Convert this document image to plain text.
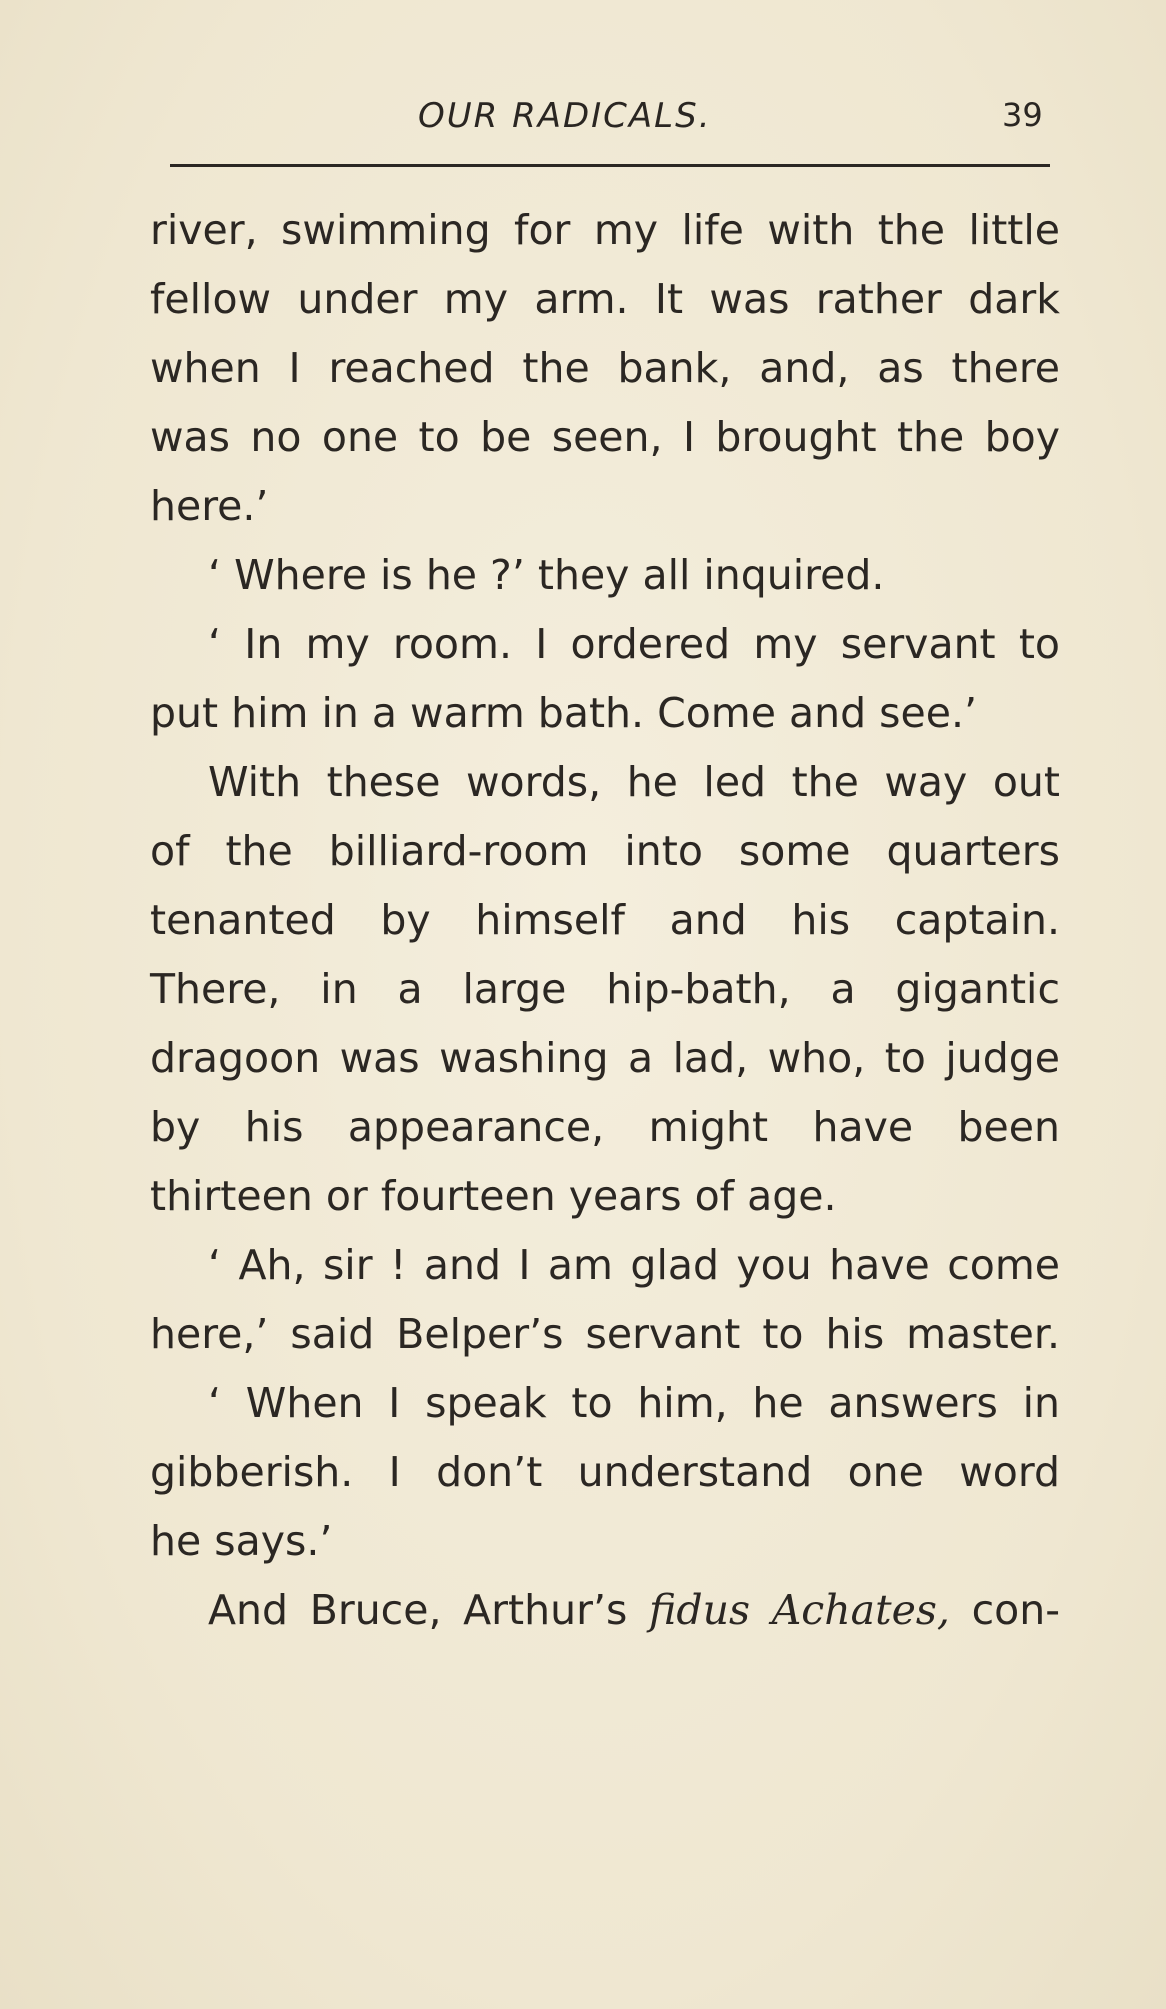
OUR RADICALS.	39
river, swimming for my life with the little
fellow under my arm. It was rather dark
when I reached the bank, and, as there
was no one to be seen, I brought the boy
here.’
‘ Where is he ?’ they all inquired.
‘ In my room. I ordered my servant to
put him in a warm bath. Come and see.’
With these words, he led the way out
of the billiard-room into some quarters
tenanted by himself and his captain.
There, in a large hip-bath, a gigantic
dragoon was washing a lad, who, to judge
by his appearance, might have been
thirteen or fourteen years of age.
‘ Ah, sir ! and I am glad you have come
here,’ said Belper’s servant to his master.
‘ When I speak to him, he answers in
gibberish. I don’t understand one word
he says.’
And Bruce, Arthur’s fidus Achates, con-
